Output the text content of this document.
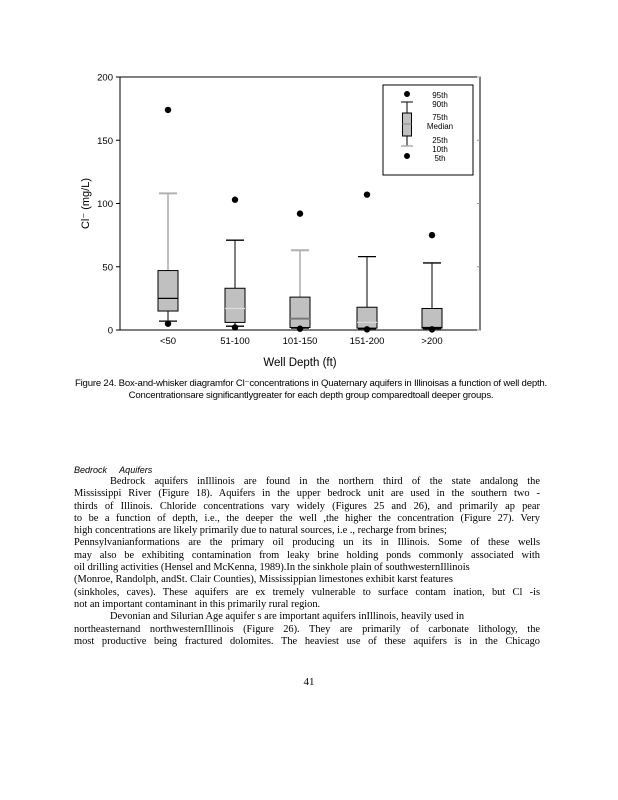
0
50
100
150
200
Cl⁻ (mg/L)
Well Depth (ft)
<50	51-100	101-150	151-200	>200
95th
90th
75th
Median
25th
10th
5th
Figure 24. Box-and-whisker diagramfor Cl⁻concentrations in Quaternary aquifers in Illinoisas a function of well depth. Concentrationsare significantlygreater for each depth group comparedtoall deeper groups.
Bedrock Aquifers
Bedrock aquifers inIllinois are found in the northern third of the state andalong the
Mississippi River (Figure 18). Aquifers in the upper bedrock unit are used in the southern two -
thirds of Illinois. Chloride concentrations vary widely (Figures 25 and 26), and primarily ap pear
to be a function of depth, i.e., the deeper the well ,the higher the concentration (Figure 27). Very
high concentrations are likely primarily due to natural sources, i.e ., recharge from brines;
Pennsylvanianformations are the primary oil producing un its in Illinois. Some of these wells
may also be exhibiting contamination from leaky brine holding ponds commonly associated with
oil drilling activities (Hensel and McKenna, 1989).In the sinkhole plain of southwesternIllinois
(Monroe, Randolph, andSt. Clair Counties), Mississippian limestones exhibit karst features
(sinkholes, caves). These aquifers are ex tremely vulnerable to surface contam ination, but Cl -is
not an important contaminant in this primarily rural region.
Devonian and Silurian Age aquifer s are important aquifers inIllinois, heavily used in
northeasternand northwesternIllinois (Figure 26). They are primarily of carbonate lithology, the
most productive being fractured dolomites. The heaviest use of these aquifers is in the Chicago
41
